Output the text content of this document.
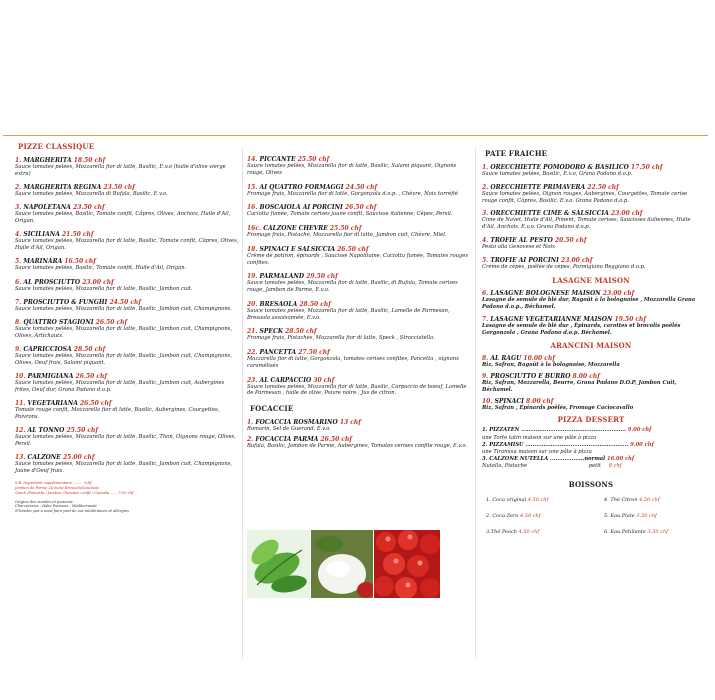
PIZZE CLASSIQUE
1. MARGHERITA 18.50 chf
Sauce tomates pelées, Mozzarella fior di latte, Basilic, E.v.o (huile d'olive vierge extra)
2. MARGHERITA REGINA 23.50 chf
Sauce tomates pelées, Mozzarella di Bufala, Basilic, E.v.o.
3. NAPOLETANA 23.50 chf
Sauce tomates pelées, Basilic, Tomate confit, Câpres, Olives, Anchois, Huile d'Ail, Origan.
4. SICILIANA 21.50 chf
Sauce tomates pelées, Mozzarella fior di latte, Basilic, Tomate confit, Câpres, Olives, Huile d'Ail, Origan.
5. MARINARA 16.50 chf
Sauce tomates pelées, Basilic, Tomate confit, Huile d'Ail, Origan.
6. AL PROSCIUTTO 23.00 chf
Sauce tomates pelées, Mozzarella fior di latte, Basilic, Jambon cuit.
7. PROSCIUTTO & FUNGHI 24.50 chf
Sauce tomates pelées, Mozzarella fior di latte, Basilic, Jambon cuit, Champignons.
8. QUATTRO STAGIONI 26.50 chf
Sauce tomates pelées, Mozzarella fior di latte, Basilic, Jambon cuit, Champignons, Olives, Artichauts.
9. CAPRICCIOSA 28.50 chf
Sauce tomates pelées, Mozzarella fior di latte, Basilic, Jambon cuit, Champignons, Olives, Oeuf frais, Salami piquant.
10. PARMIGIANA 26.50 chf
Sauce tomates pelées, Mozzarella fior di latte, Basilic, Jambon cuit, Aubergines frites, Oeuf dur, Grana Padano d.o.p.
11. VEGETARIANA 26.50 chf
Tomate rouge confit, Mozzarella fior di latte, Basilic, Aubergines, Courgettes, Poivrons.
12. AL TONNO 25.50 chf
Sauce tomates pelées, Mozzarella fior di latte, Basilic, Thon, Oignons rouge, Olives, Persil.
13. CALZONE 25.00 chf
Sauce tomates pelées, Mozzarella fior di latte, Basilic, Jambon cuit, Champignons, Jaune d'Oeuf frais.
S.B. Ingrédient supplémentaire ........ 3chf
Jambon de Parme 24 mois/ Bresaola/Saucisse/
Speck /Pancetta / Jambon /Tomates confit / Caciotta ...... 5.00 chf
Origine des viandes et poissons
Charcuteries : Italie Poissons : Méditerranée
N'hésitez pas à nous faire part de vos intolérances et allergies
14. PICCANTE 25.50 chf
Sauce tomates pelées, Mozzarella fior di latte, Basilic, Salami piquant, Oignons rouge, Olives
15. AI QUATTRO FORMAGGI 24.50 chf
Fromage frais, Mozzarella fior di latte, Gorgonzola d.o.p. , Chèvre, Noix torréfié
16. BOSCAIOLA AI PORCINI 26.50 chf
Caciotta fumée, Tomate cerises jaune confit, Saucisse italienne, Cèpes, Persil.
16c. CALZONE CHEVRE 25.50 chf
Fromage frais, Pistache, Mozzarella fior di latte, Jambon cuit, Chèvre, Miel.
18. SPINACI E SALSICCIA 26.50 chf
Crème de potiron, épinards , Saucisse Napolitaine, Caciotta fumée, Tomates rouges confites.
19. PARMALAND 29.50 chf
Sauce tomates pelées, Mozzarella fior di latte, Basilic, di Bufala, Tomate cerises rouge, Jambon de Parme, E.v.o.
20. BRESAOLA 28.50 chf
Sauce tomates pelées, Mozzarella fior di latte, Basilic, Lamelle de Parmesan, Bresaola assaisonnée, E.v.o.
21. SPECK 28.50 chf
Fromage frais, Pistaches, Mozzarella fior di latte, Speck , Stracciatella.
22. PANCETTA 27.50 chf
Mozzarella fior di latte, Gorgonzola, tomates cerises confites, Pancetta , oignons caramélisés
23. AL CARPACCIO 30 chf
Sauce tomates pelées, Mozzarella fior di latte, Basilic, Carpaccio de boeuf, Lamelle de Parmesan , huile de olive, Poivre noire , Jus de citron.
FOCACCIE
1. FOCACCIA ROSMARINO 13 chf
Romarin, Sel de Guerand, E.v.o.
2. FOCACCIA PARMA 26.50 chf
Bufala, Basilic, Jambon de Parme, Aubergines, Tomates cerises confite rouge, E.v.o.
PATE FRAICHE
1. ORECCHIETTE POMODORO & BASILICO 17.50 chf
Sauce tomates pelées, Basilic, E.v.o, Grana Padano d.o.p.
2. ORECCHIETTE PRIMAVERA 22.50 chf
Sauce tomates pelées, Oignon rouges, Aubergines, Courgettes, Tomate cerise rouge confit, Câpres, Basilic, E.v.o. Grana Padano d.o.p.
3. ORECCHIETTE CIME & SALSICCIA 23.00 chf
Cime de Navet, Huile d'Ail, Piment, Tomate cerises, Saucisses italiennes, Huile d'Ail, Anchois, E.v.o. Grana Padano d.o.p.
4. TROFIE AL PESTO 20.50 chf
Pesto alla Genovese et Noix
5. TROFIE AI PORCINI 23.00 chf
Crème de cèpes, poêlée de cèpes, Parmigiano Reggiano d.o.p.
LASAGNE MAISON
6. LASAGNE BOLOGNESE MAISON 23.00 chf
Lasagne de semule de blé dur, Ragoût à la bolognaise , Mozzarella Grana Padano d.o.p., Béchamel.
7. LASAGNE VEGETARIANNE MAISON 19.50 chf
Lasagne de semule de blé dur , Épinards, carottes et brocolis poêlés Gorgonzola , Grana Padano d.o.p. Béchamel.
ARANCINI MAISON
8. AL RAGU 10.00 chf
Riz, Safran, Ragoût à la bolognaise, Mozzarella
9. PROSCIUTTO E BURRO 8.00 chf
Riz, Safran, Mozzarella, Beurre, Grana Padano D.O.P, Jambon Cuit, Béchamel.
10. SPINACI 8.00 chf
Riz, Safran , Épinards poêlés, Fromage Caciocavallo
PIZZA DESSERT
1. PIZZATEN .......................................................... 9.00 chf
une Torte tatin maison sur une pâte à pizza
2. PIZZAMISU ......................................................... 9.00 chf
une Tiramisu maison sur une pâte à pizza
3. CALZONE NUTELLA ...................normal 16.00 chf
Nutella, Pistache	petit 9 chf
BOISSONS
1. Coca original 4.50 chf	4. Thé Citron 4.50 chf
2. Coca Zero 4.50 chf	5. Eau Plate 3.50 chf
3.Thé Peach 4.50 chf	6. Eau Pétillante 3.50 chf
